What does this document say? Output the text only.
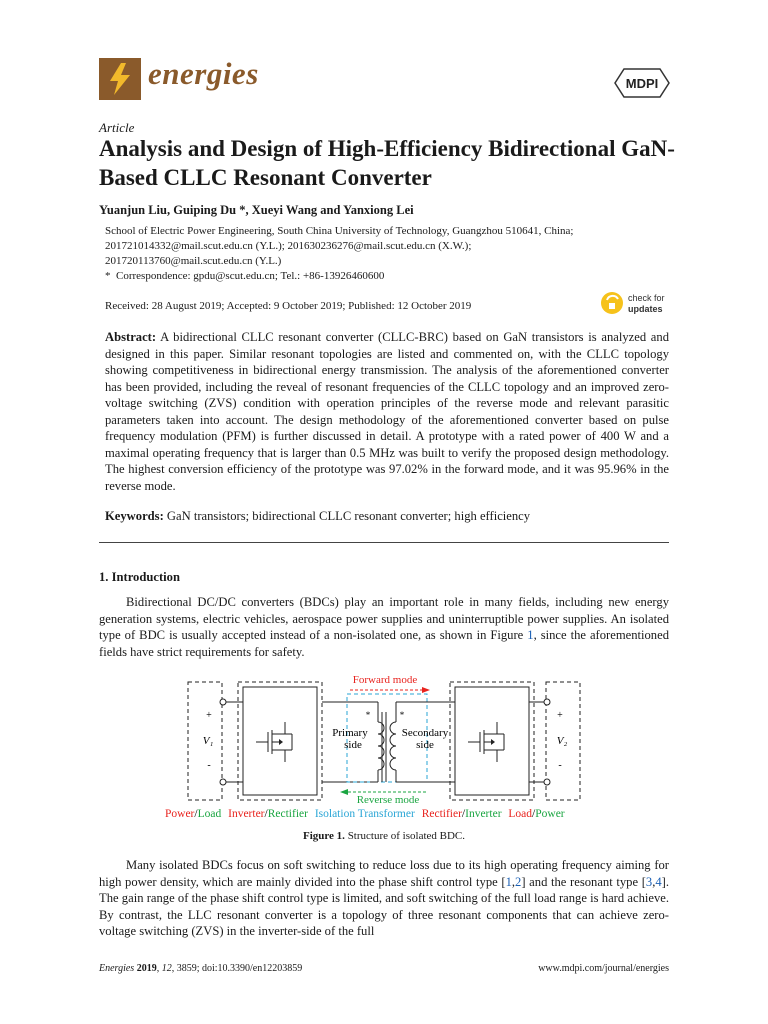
energies	MDPI
Article
Analysis and Design of High-Efficiency Bidirectional GaN-Based CLLC Resonant Converter
Yuanjun Liu, Guiping Du *, Xueyi Wang and Yanxiong Lei
School of Electric Power Engineering, South China University of Technology, Guangzhou 510641, China;
201721014332@mail.scut.edu.cn (Y.L.); 201630236276@mail.scut.edu.cn (X.W.);
201720113760@mail.scut.edu.cn (Y.L.)
* Correspondence: gpdu@scut.edu.cn; Tel.: +86-13926460600
Received: 28 August 2019; Accepted: 9 October 2019; Published: 12 October 2019
check for
updates
Abstract: A bidirectional CLLC resonant converter (CLLC-BRC) based on GaN transistors is analyzed and designed in this paper. Similar resonant topologies are listed and commented on, with the CLLC topology showing competitiveness in bidirectional energy transmission. The analysis of the aforementioned converter has been provided, including the reveal of resonant frequencies of the CLLC topology and an improved zero-voltage switching (ZVS) condition with operation principles of the reverse mode and relevant parasitic parameters taken into account. The design methodology of the aforementioned converter based on pulse frequency modulation (PFM) is further discussed in detail. A prototype with a rated power of 400 W and a maximal operating frequency that is larger than 0.5 MHz was built to verify the proposed design methodology. The highest conversion efficiency of the prototype was 97.02% in the forward mode, and it was 95.96% in the reverse mode.
Keywords: GaN transistors; bidirectional CLLC resonant converter; high efficiency
1. Introduction
Bidirectional DC/DC converters (BDCs) play an important role in many fields, including new energy generation systems, electric vehicles, aerospace power supplies and uninterruptible power supplies. An isolated type of BDC is usually accepted instead of a non-isolated one, as shown in Figure 1, since the aforementioned fields have strict requirements for safety.
Forward mode
+
V₁
-
*	*
Primary
side
Secondary
side
Reverse mode
+
V₂
-
Power/Load Inverter/Rectifier Isolation Transformer Rectifier/Inverter Load/Power
Figure 1. Structure of isolated BDC.
Many isolated BDCs focus on soft switching to reduce loss due to its high operating frequency aiming for high power density, which are mainly divided into the phase shift control type [1,2] and the resonant type [3,4]. The gain range of the phase shift control type is limited, and soft switching of the full load range is hard achieve. By contrast, the LLC resonant converter is a topology of three resonant components that can achieve zero-voltage switching (ZVS) in the inverter-side of the full
Energies 2019, 12, 3859; doi:10.3390/en12203859	www.mdpi.com/journal/energies
